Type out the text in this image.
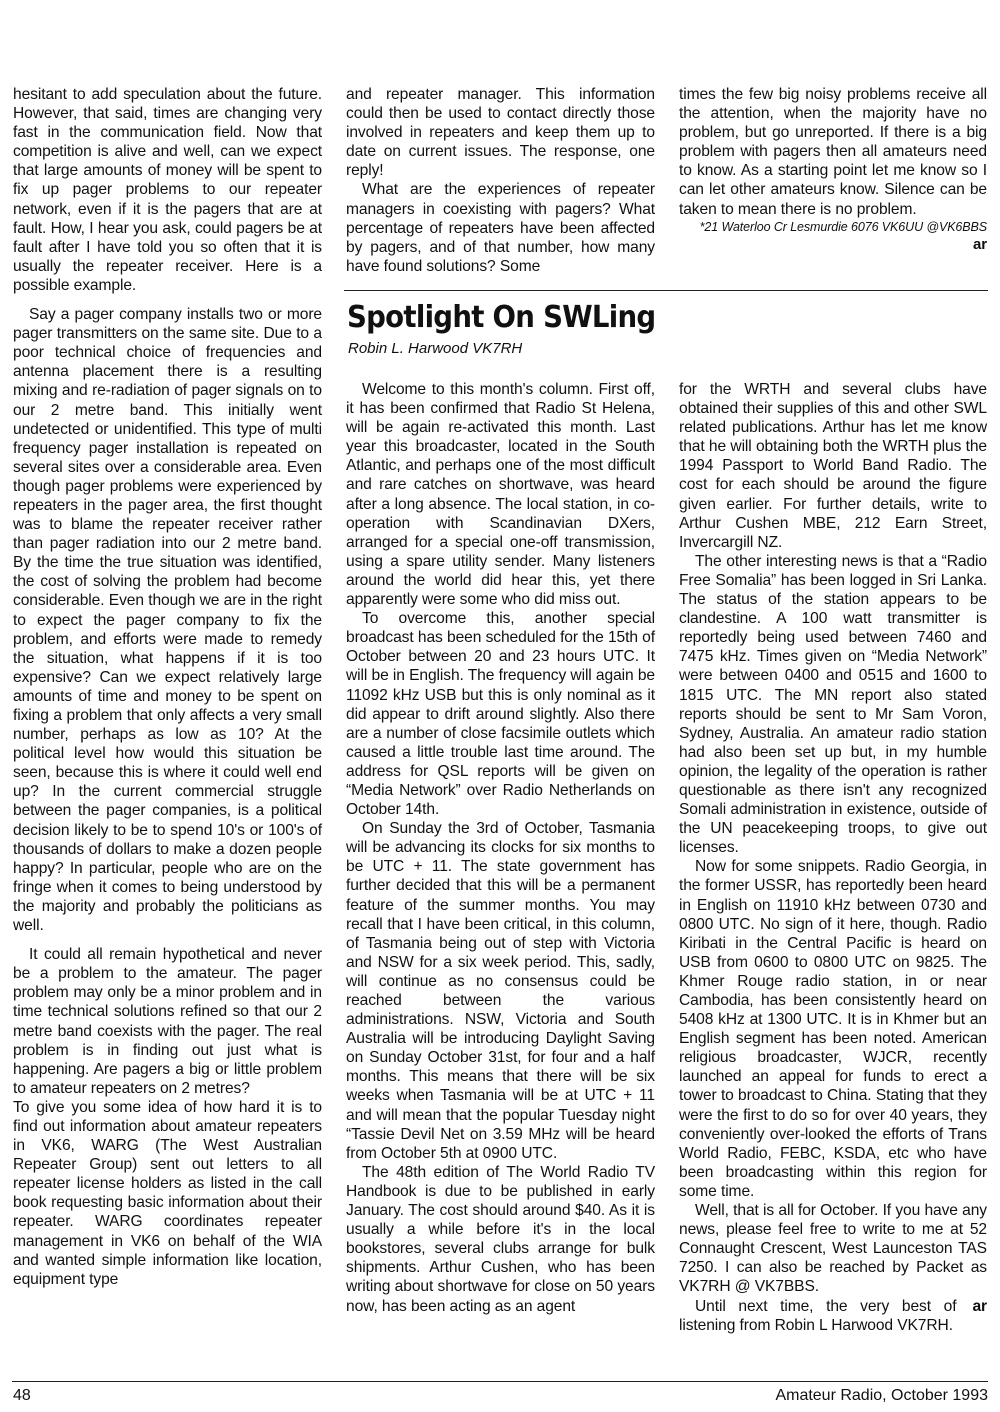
hesitant to add speculation about the future. However, that said, times are changing very fast in the communication field. Now that competition is alive and well, can we expect that large amounts of money will be spent to fix up pager problems to our repeater network, even if it is the pagers that are at fault. How, I hear you ask, could pagers be at fault after I have told you so often that it is usually the repeater receiver. Here is a possible example.

Say a pager company installs two or more pager transmitters on the same site. Due to a poor technical choice of frequencies and antenna placement there is a resulting mixing and re-radiation of pager signals on to our 2 metre band. This initially went undetected or unidentified. This type of multi frequency pager installation is repeated on several sites over a considerable area. Even though pager problems were experienced by repeaters in the pager area, the first thought was to blame the repeater receiver rather than pager radiation into our 2 metre band. By the time the true situation was identified, the cost of solving the problem had become considerable. Even though we are in the right to expect the pager company to fix the problem, and efforts were made to remedy the situation, what happens if it is too expensive? Can we expect relatively large amounts of time and money to be spent on fixing a problem that only affects a very small number, perhaps as low as 10? At the political level how would this situation be seen, because this is where it could well end up? In the current commercial struggle between the pager companies, is a political decision likely to be to spend 10's or 100's of thousands of dollars to make a dozen people happy? In particular, people who are on the fringe when it comes to being understood by the majority and probably the politicians as well.

It could all remain hypothetical and never be a problem to the amateur. The pager problem may only be a minor problem and in time technical solutions refined so that our 2 metre band coexists with the pager. The real problem is in finding out just what is happening. Are pagers a big or little problem to amateur repeaters on 2 metres?

To give you some idea of how hard it is to find out information about amateur repeaters in VK6, WARG (The West Australian Repeater Group) sent out letters to all repeater license holders as listed in the call book requesting basic information about their repeater. WARG coordinates repeater management in VK6 on behalf of the WIA and wanted simple information like location, equipment type

and repeater manager. This information could then be used to contact directly those involved in repeaters and keep them up to date on current issues. The response, one reply!

What are the experiences of repeater managers in coexisting with pagers? What percentage of repeaters have been affected by pagers, and of that number, how many have found solutions? Some

times the few big noisy problems receive all the attention, when the majority have no problem, but go unreported. If there is a big problem with pagers then all amateurs need to know. As a starting point let me know so I can let other amateurs know. Silence can be taken to mean there is no problem.

*21 Waterloo Cr Lesmurdie 6076 VK6UU @VK6BBS
ar
Spotlight On SWLing
Robin L. Harwood VK7RH

Welcome to this month's column. First off, it has been confirmed that Radio St Helena, will be again re-activated this month. Last year this broadcaster, located in the South Atlantic, and perhaps one of the most difficult and rare catches on shortwave, was heard after a long absence. The local station, in co-operation with Scandinavian DXers, arranged for a special one-off transmission, using a spare utility sender. Many listeners around the world did hear this, yet there apparently were some who did miss out.

To overcome this, another special broadcast has been scheduled for the 15th of October between 20 and 23 hours UTC. It will be in English. The frequency will again be 11092 kHz USB but this is only nominal as it did appear to drift around slightly. Also there are a number of close facsimile outlets which caused a little trouble last time around. The address for QSL reports will be given on “Media Network” over Radio Netherlands on October 14th.

On Sunday the 3rd of October, Tasmania will be advancing its clocks for six months to be UTC + 11. The state government has further decided that this will be a permanent feature of the summer months. You may recall that I have been critical, in this column, of Tasmania being out of step with Victoria and NSW for a six week period. This, sadly, will continue as no consensus could be reached between the various administrations. NSW, Victoria and South Australia will be introducing Daylight Saving on Sunday October 31st, for four and a half months. This means that there will be six weeks when Tasmania will be at UTC + 11 and will mean that the popular Tuesday night “Tassie Devil Net on 3.59 MHz will be heard from October 5th at 0900 UTC.

The 48th edition of The World Radio TV Handbook is due to be published in early January. The cost should around $40. As it is usually a while before it's in the local bookstores, several clubs arrange for bulk shipments. Arthur Cushen, who has been writing about shortwave for close on 50 years now, has been acting as an agent

for the WRTH and several clubs have obtained their supplies of this and other SWL related publications. Arthur has let me know that he will obtaining both the WRTH plus the 1994 Passport to World Band Radio. The cost for each should be around the figure given earlier. For further details, write to Arthur Cushen MBE, 212 Earn Street, Invercargill NZ.

The other interesting news is that a “Radio Free Somalia” has been logged in Sri Lanka. The status of the station appears to be clandestine. A 100 watt transmitter is reportedly being used between 7460 and 7475 kHz. Times given on “Media Network” were between 0400 and 0515 and 1600 to 1815 UTC. The MN report also stated reports should be sent to Mr Sam Voron, Sydney, Australia. An amateur radio station had also been set up but, in my humble opinion, the legality of the operation is rather questionable as there isn't any recognized Somali administration in existence, outside of the UN peacekeeping troops, to give out licenses.

Now for some snippets. Radio Georgia, in the former USSR, has reportedly been heard in English on 11910 kHz between 0730 and 0800 UTC. No sign of it here, though. Radio Kiribati in the Central Pacific is heard on USB from 0600 to 0800 UTC on 9825. The Khmer Rouge radio station, in or near Cambodia, has been consistently heard on 5408 kHz at 1300 UTC. It is in Khmer but an English segment has been noted. American religious broadcaster, WJCR, recently launched an appeal for funds to erect a tower to broadcast to China. Stating that they were the first to do so for over 40 years, they conveniently over-looked the efforts of Trans World Radio, FEBC, KSDA, etc who have been broadcasting within this region for some time.

Well, that is all for October. If you have any news, please feel free to write to me at 52 Connaught Crescent, West Launceston TAS 7250. I can also be reached by Packet as VK7RH @ VK7BBS.

ar
Until next time, the very best of listening from Robin L Harwood VK7RH.

48	Amateur Radio, October 1993
